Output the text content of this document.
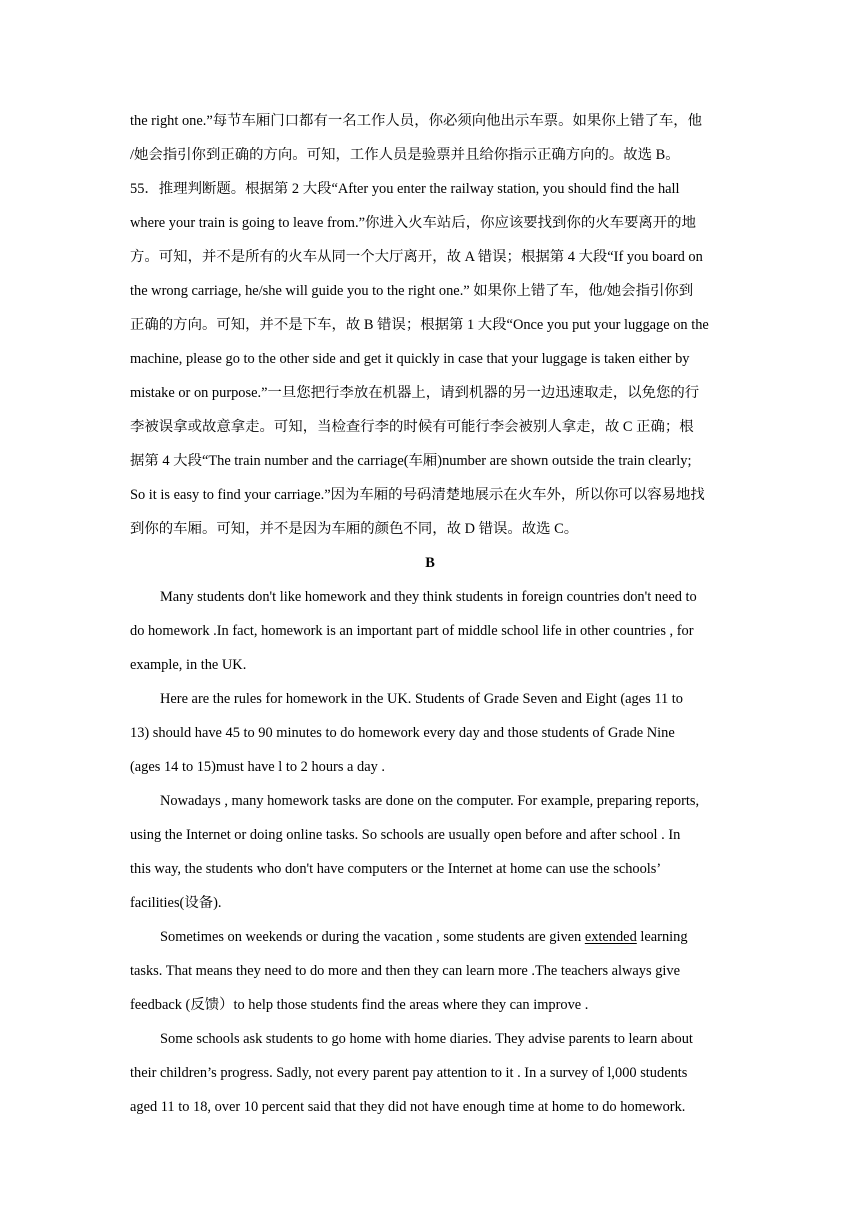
the right one.”每节车厢门口都有一名工作人员，你必须向他出示车票。如果你上错了车，他
/她会指引你到正确的方向。可知，工作人员是验票并且给你指示正确方向的。故选 B。
55．推理判断题。根据第 2 大段“After you enter the railway station, you should find the hall
where your train is going to leave from.”你进入火车站后，你应该要找到你的火车要离开的地
方。可知，并不是所有的火车从同一个大厅离开，故 A 错误；根据第 4 大段“If you board on
the wrong carriage, he/she will guide you to the right one.” 如果你上错了车，他/她会指引你到
正确的方向。可知，并不是下车，故 B 错误；根据第 1 大段“Once you put your luggage on the
machine, please go to the other side and get it quickly in case that your luggage is taken either by
mistake or on purpose.”一旦您把行李放在机器上，请到机器的另一边迅速取走，以免您的行
李被误拿或故意拿走。可知，当检查行李的时候有可能行李会被别人拿走，故 C 正确；根
据第 4 大段“The train number and the carriage(车厢)number are shown outside the train clearly;
So it is easy to find your carriage.”因为车厢的号码清楚地展示在火车外，所以你可以容易地找
到你的车厢。可知，并不是因为车厢的颜色不同，故 D 错误。故选 C。
B
Many students don't like homework and they think students in foreign countries don't need to
do homework .In fact, homework is an important part of middle school life in other countries , for
example, in the UK.
Here are the rules for homework in the UK. Students of Grade Seven and Eight (ages 11 to
13) should have 45 to 90 minutes to do homework every day and those students of Grade Nine
(ages 14 to 15)must have l to 2 hours a day .
Nowadays , many homework tasks are done on the computer. For example, preparing reports,
using the Internet or doing online tasks. So schools are usually open before and after school . In
this way, the students who don't have computers or the Internet at home can use the schools’
facilities(设备).
Sometimes on weekends or during the vacation , some students are given extended learning
tasks. That means they need to do more and then they can learn more .The teachers always give
feedback (反馈）to help those students find the areas where they can improve .
Some schools ask students to go home with home diaries. They advise parents to learn about
their children’s progress. Sadly, not every parent pay attention to it . In a survey of l,000 students
aged 11 to 18, over 10 percent said that they did not have enough time at home to do homework.
